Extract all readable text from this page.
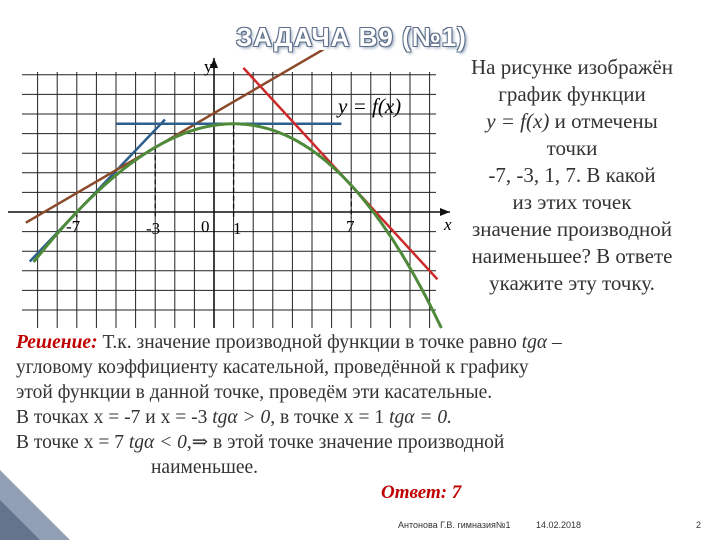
ЗАДАЧА B9 (№1)
y
x
y = f(x)
-7	-3 0 1	7
На рисунке изображён
график функции
y = f(x) и отмечены
точки
-7, -3, 1, 7. В какой
из этих точек
значение производной
наименьшее? В ответе
укажите эту точку.

Решение: Т.к. значение производной функции в точке равно tgα –

угловому коэффициенту касательной, проведённой к графику

этой функции в данной точке, проведём эти касательные.

В точках х = -7 и х = -3 tgα > 0, в точке х = 1 tgα = 0.

В точке х = 7 tgα < 0,⇒ в этой точке значение производной

наименьшее.

Ответ: 7
Антонова Г.В. гимназия№1	14.02.2018	2
